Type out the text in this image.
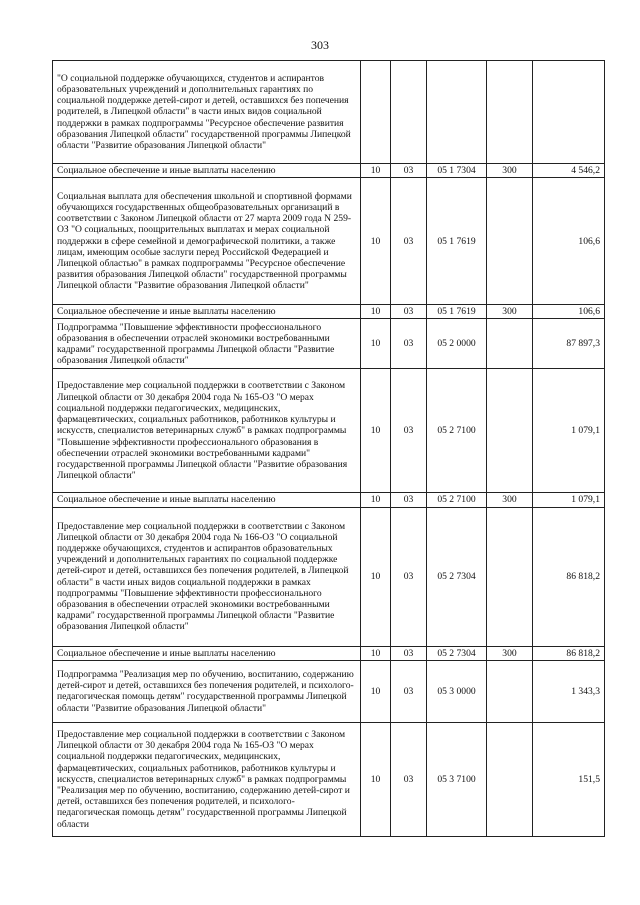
303
"О социальной поддержке обучающихся, студентов и аспирантов образовательных учреждений и дополнительных гарантиях по социальной поддержке детей-сирот и детей, оставшихся без попечения родителей, в Липецкой области" в части иных видов социальной поддержки в рамках подпрограммы "Ресурсное обеспечение развития образования Липецкой области" государственной программы Липецкой области "Развитие образования Липецкой области"					
Социальное обеспечение и иные выплаты населению	10	03	05 1 7304	300	4 546,2
Социальная выплата для обеспечения школьной и спортивной формами обучающихся государственных общеобразовательных организаций в соответствии с Законом Липецкой области от 27 марта 2009 года N 259-ОЗ "О социальных, поощрительных выплатах и мерах социальной поддержки в сфере семейной и демографической политики, а также лицам, имеющим особые заслуги перед Российской Федерацией и Липецкой областью" в рамках подпрограммы "Ресурсное обеспечение развития образования Липецкой области" государственной программы Липецкой области "Развитие образования Липецкой области"	10	03	05 1 7619		106,6
Социальное обеспечение и иные выплаты населению	10	03	05 1 7619	300	106,6
Подпрограмма "Повышение эффективности профессионального образования в обеспечении отраслей экономики востребованными кадрами" государственной программы Липецкой области "Развитие образования Липецкой области"	10	03	05 2 0000		87 897,3
Предоставление мер социальной поддержки в соответствии с Законом Липецкой области от 30 декабря 2004 года № 165-ОЗ "О мерах социальной поддержки педагогических, медицинских, фармацевтических, социальных работников, работников культуры и искусств, специалистов ветеринарных служб" в рамках подпрограммы "Повышение эффективности профессионального образования в обеспечении отраслей экономики востребованными кадрами" государственной программы Липецкой области "Развитие образования Липецкой области"	10	03	05 2 7100		1 079,1
Социальное обеспечение и иные выплаты населению	10	03	05 2 7100	300	1 079,1
Предоставление мер социальной поддержки в соответствии с Законом Липецкой области от 30 декабря 2004 года № 166-ОЗ "О социальной поддержке обучающихся, студентов и аспирантов образовательных учреждений и дополнительных гарантиях по социальной поддержке детей-сирот и детей, оставшихся без попечения родителей, в Липецкой области" в части иных видов социальной поддержки в рамках подпрограммы "Повышение эффективности профессионального образования в обеспечении отраслей экономики востребованными кадрами" государственной программы Липецкой области "Развитие образования Липецкой области"	10	03	05 2 7304		86 818,2
Социальное обеспечение и иные выплаты населению	10	03	05 2 7304	300	86 818,2
Подпрограмма "Реализация мер по обучению, воспитанию, содержанию детей-сирот и детей, оставшихся без попечения родителей, и психолого-педагогическая помощь детям" государственной программы Липецкой области "Развитие образования Липецкой области"	10	03	05 3 0000		1 343,3
Предоставление мер социальной поддержки в соответствии с Законом Липецкой области от 30 декабря 2004 года № 165-ОЗ "О мерах социальной поддержки педагогических, медицинских, фармацевтических, социальных работников, работников культуры и искусств, специалистов ветеринарных служб" в рамках подпрограммы "Реализация мер по обучению, воспитанию, содержанию детей-сирот и детей, оставшихся без попечения родителей, и психолого-педагогическая помощь детям" государственной программы Липецкой области	10	03	05 3 7100		151,5
